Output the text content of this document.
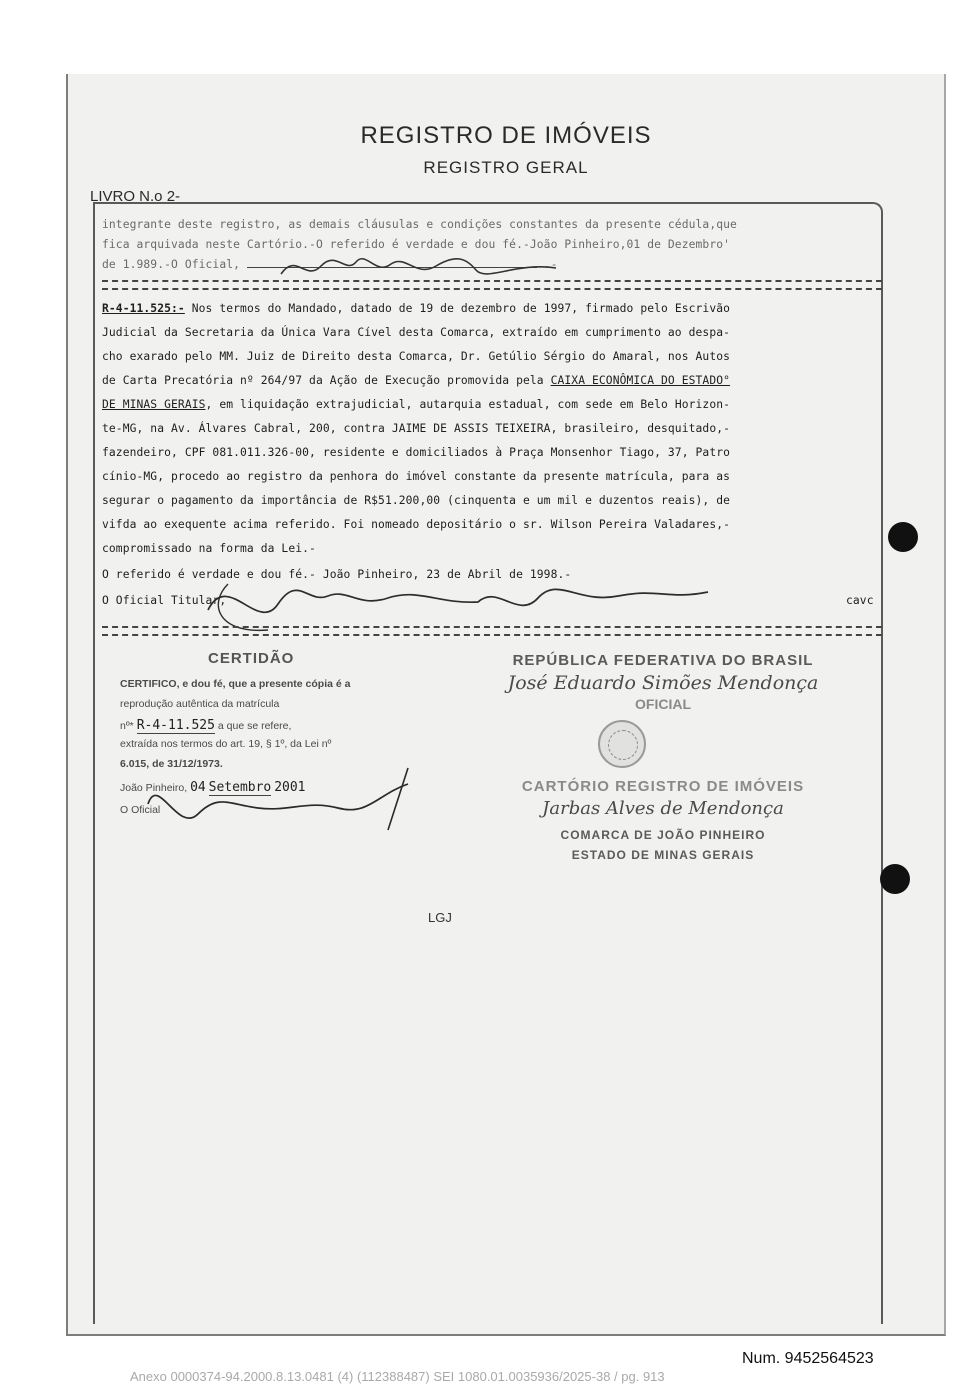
REGISTRO DE IMÓVEIS
REGISTRO GERAL
LIVRO N.o 2-
integrante deste registro, as demais cláusulas e condições constantes da presente cédula,que
fica arquivada neste Cartório.-O referido é verdade e dou fé.-João Pinheiro,01 de Dezembro'
de 1.989.-O Oficial,	.-
R-4-11.525:- Nos termos do Mandado, datado de 19 de dezembro de 1997, firmado pelo Escrivão
Judicial da Secretaria da Única Vara Cível desta Comarca, extraído em cumprimento ao despa-
cho exarado pelo MM. Juiz de Direito desta Comarca, Dr. Getúlio Sérgio do Amaral, nos Autos
de Carta Precatória nº 264/97 da Ação de Execução promovida pela CAIXA ECONÔMICA DO ESTADO°
DE MINAS GERAIS, em liquidação extrajudicial, autarquia estadual, com sede em Belo Horizon-
te-MG, na Av. Álvares Cabral, 200, contra JAIME DE ASSIS TEIXEIRA, brasileiro, desquitado,-
fazendeiro, CPF 081.011.326-00, residente e domiciliados à Praça Monsenhor Tiago, 37, Patro
cínio-MG, procedo ao registro da penhora do imóvel constante da presente matrícula, para as
segurar o pagamento da importância de R$51.200,00 (cinquenta e um mil e duzentos reais), de
vifda ao exequente acima referido. Foi nomeado depositário o sr. Wilson Pereira Valadares,-
compromissado na forma da Lei.-
O referido é verdade e dou fé.- João Pinheiro, 23 de Abril de 1998.-
O Oficial Titular,	cavc
CERTIDÃO
CERTIFICO, e dou fé, que a presente cópia é a
reprodução autêntica da matrícula
nº* R-4-11.525 a que se refere,
extraída nos termos do art. 19, § 1º, da Lei nº
6.015, de 31/12/1973.
João Pinheiro, 04 Setembro 2001
O Oficial
REPÚBLICA FEDERATIVA DO BRASIL
José Eduardo Simões Mendonça
OFICIAL
CARTÓRIO REGISTRO DE IMÓVEIS
Jarbas Alves de Mendonça
COMARCA DE JOÃO PINHEIRO
ESTADO DE MINAS GERAIS
LGJ
Num. 9452564523
Anexo 0000374-94.2000.8.13.0481 (4) (112388487) SEI 1080.01.0035936/2025-38 / pg. 913
